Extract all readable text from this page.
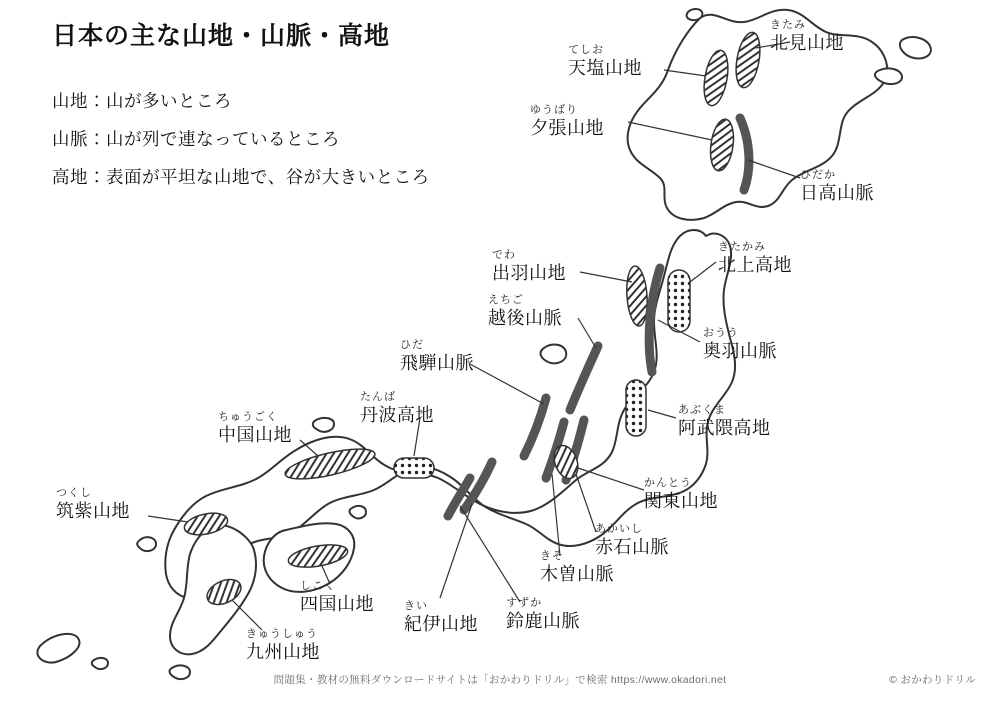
日本の主な山地・山脈・高地
山地：山が多いところ
山脈：山が列で連なっているところ
高地：表面が平坦な山地で、谷が大きいところ
きたみ
北見山地
てしお
天塩山地
ゆうばり
夕張山地
ひだか
日高山脈
でわ
出羽山地
きたかみ
北上高地
えちご
越後山脈
おうう
奥羽山脈
ひだ
飛騨山脈
あぶくま
阿武隈高地
たんば
丹波高地
ちゅうごく
中国山地
かんとう
関東山地
つくし
筑紫山地
あかいし
赤石山脈
きそ
木曽山脈
しこく
四国山地	すずか
鈴鹿山脈
きい
紀伊山地
きゅうしゅう
九州山地
問題集・教材の無料ダウンロードサイトは「おかわりドリル」で検索 https://www.okadori.net	© おかわりドリル
